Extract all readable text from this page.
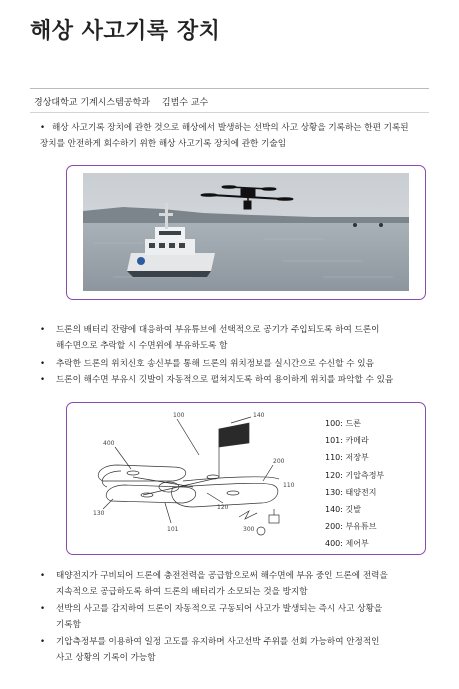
해상 사고기록 장치
경상대학교 기계시스템공학과 김범수 교수
• 해상 사고기록 장치에 관한 것으로 해상에서 발생하는 선박의 사고 상황을 기록하는 한편 기록된
장치를 안전하게 회수하기 위한 해상 사고기록 장치에 관한 기술임
•	드론의 배터리 잔량에 대응하여 부유튜브에 선택적으로 공기가 주입되도록 하여 드론이
해수면으로 추락할 시 수면위에 부유하도록 함
•	추락한 드론의 위치신호 송신부를 통해 드론의 위치정보를 실시간으로 수신할 수 있음
•	드론이 해수면 부유시 깃발이 자동적으로 펼쳐지도록 하여 용이하게 위치를 파악할 수 있음
100	140
400
200
110
120
130
300
101
100: 드론
101: 카메라
110: 저장부
120: 기압측정부
130: 태양전지
140: 깃발
200: 부유튜브
400: 제어부
•	태양전지가 구비되어 드론에 충전전력을 공급함으로써 해수면에 부유 중인 드론에 전력을
지속적으로 공급하도록 하여 드론의 배터리가 소모되는 것을 방지함
•	선박의 사고를 감지하여 드론이 자동적으로 구동되어 사고가 발생되는 즉시 사고 상황을
기록함
•	기압측정부를 이용하여 일정 고도를 유지하며 사고선박 주위를 선회 가능하여 안정적인
사고 상황의 기록이 가능함
